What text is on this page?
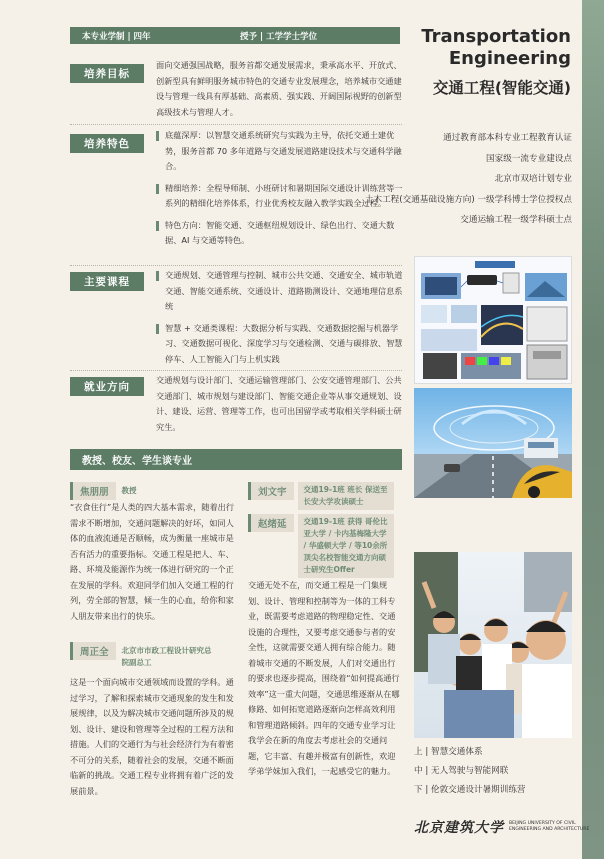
本专业学制 | 四年	授予 | 工学学士学位
培养目标
面向交通强国战略，服务首都交通发展需求，秉承高水平、开放式、创新型具有鲜明服务城市特色的交通专业发展理念，培养城市交通建设与管理一线具有厚基础、高素质、强实践、开阔国际视野的创新型高级技术与管理人才。
培养特色
底蕴深厚：以智慧交通系统研究与实践为主导，依托交通土建优势，服务首都 70 多年道路与交通发展道路建设技术与交通科学融合。
精细培养：全程导师制、小班研讨和暑期国际交通设计训练营等一系列的精细化培养体系，行业优秀校友融入教学实践全过程。
特色方向：智能交通、交通枢纽规划设计、绿色出行、交通大数据、AI 与交通等特色。
主要课程
交通规划、交通管理与控制、城市公共交通、交通安全、城市轨道交通、智能交通系统、交通设计、道路勘测设计、交通地理信息系统
智慧 + 交通类课程：大数据分析与实践、交通数据挖掘与机器学习、交通数据可视化、深度学习与交通检测、交通与碳排放、智慧停车、人工智能入门与上机实践
就业方向
交通规划与设计部门、交通运输管理部门、公安交通管理部门、公共交通部门、城市规划与建设部门、智能交通企业等从事交通规划、设计、建设、运营、管理等工作，也可出国留学或考取相关学科硕士研究生。
教授、校友、学生谈专业
焦朋朋	教授
“衣食住行”是人类的四大基本需求，随着出行需求不断增加，交通问题解决的好坏，如同人体的血液流通是否顺畅，成为衡量一座城市是否有活力的重要指标。交通工程是把人、车、路、环境及能源作为统一体进行研究的一个正在发展的学科。欢迎同学们加入交通工程的行列，劳全部的智慧，倾一生的心血，给你和家人朋友带来出行的快乐。
周正全	北京市市政工程设计研究总院副总工
这是一个面向城市交通领域而设置的学科。通过学习，了解和探索城市交通现象的发生和发展规律，以及为解决城市交通问题所涉及的规划、设计、建设和管理等全过程的工程方法和措施。人们的交通行为与社会经济行为有着密不可分的关系，随着社会的发展，交通不断面临新的挑战。交通工程专业将拥有着广泛的发展前景。
刘文宇	交通19-1班 班长 保送至长安大学攻读硕士
赵绪延	交通19-1班 获得 哥伦比亚大学 / 卡内基梅隆大学 / 华盛顿大学 / 等10余所顶尖名校智能交通方向硕士研究生Offer
交通无处不在，而交通工程是一门集规划、设计、管理和控制等为一体的工科专业，既需要考虑道路的物理稳定性、交通设施的合理性，又要考虑交通参与者的安全性，这就需要交通人拥有综合能力。随着城市交通的不断发展，人们对交通出行的要求也逐步提高，围绕着“如何提高通行效率”这一重大问题，交通思维逐渐从在哪修路、如何拓宽道路逐渐向怎样高效利用和管理道路倾斜。四年的交通专业学习让我学会在新的角度去考虑社会的交通问题，它丰富、有趣并极富有创新性，欢迎学弟学妹加入我们，一起感受它的魅力。
Transportation
Engineering
交通工程(智能交通)
通过教育部本科专业工程教育认证
国家级一流专业建设点
北京市双培计划专业
土木工程(交通基础设施方向) 一级学科博士学位授权点
交通运输工程一级学科硕士点
上 | 智慧交通体系
中 | 无人驾驶与智能网联
下 | 伦敦交通设计暑期训练营
北京建筑大学 BEIJING UNIVERSITY OF CIVIL
ENGINEERING AND ARCHITECTURE
